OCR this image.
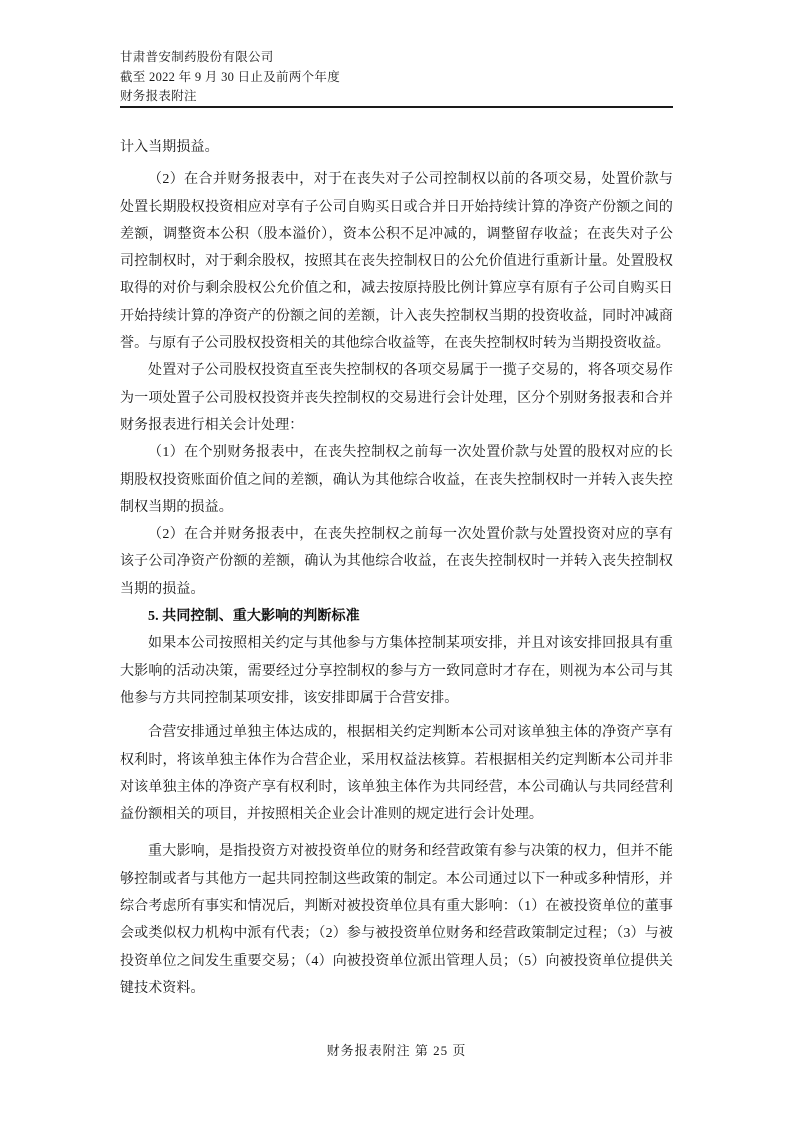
甘肃普安制药股份有限公司

截至 2022 年 9 月 30 日止及前两个年度

财务报表附注

计入当期损益。

（2）在合并财务报表中，对于在丧失对子公司控制权以前的各项交易，处置价款与处置长期股权投资相应对享有子公司自购买日或合并日开始持续计算的净资产份额之间的差额，调整资本公积（股本溢价），资本公积不足冲减的，调整留存收益；在丧失对子公司控制权时，对于剩余股权，按照其在丧失控制权日的公允价值进行重新计量。处置股权取得的对价与剩余股权公允价值之和，减去按原持股比例计算应享有原有子公司自购买日开始持续计算的净资产的份额之间的差额，计入丧失控制权当期的投资收益，同时冲减商誉。与原有子公司股权投资相关的其他综合收益等，在丧失控制权时转为当期投资收益。

处置对子公司股权投资直至丧失控制权的各项交易属于一揽子交易的，将各项交易作为一项处置子公司股权投资并丧失控制权的交易进行会计处理，区分个别财务报表和合并财务报表进行相关会计处理：

（1）在个别财务报表中，在丧失控制权之前每一次处置价款与处置的股权对应的长期股权投资账面价值之间的差额，确认为其他综合收益，在丧失控制权时一并转入丧失控制权当期的损益。

（2）在合并财务报表中，在丧失控制权之前每一次处置价款与处置投资对应的享有该子公司净资产份额的差额，确认为其他综合收益，在丧失控制权时一并转入丧失控制权当期的损益。

5. 共同控制、重大影响的判断标准

如果本公司按照相关约定与其他参与方集体控制某项安排，并且对该安排回报具有重大影响的活动决策，需要经过分享控制权的参与方一致同意时才存在，则视为本公司与其他参与方共同控制某项安排，该安排即属于合营安排。

合营安排通过单独主体达成的，根据相关约定判断本公司对该单独主体的净资产享有权利时，将该单独主体作为合营企业，采用权益法核算。若根据相关约定判断本公司并非对该单独主体的净资产享有权利时，该单独主体作为共同经营，本公司确认与共同经营利益份额相关的项目，并按照相关企业会计准则的规定进行会计处理。

重大影响，是指投资方对被投资单位的财务和经营政策有参与决策的权力，但并不能够控制或者与其他方一起共同控制这些政策的制定。本公司通过以下一种或多种情形，并综合考虑所有事实和情况后，判断对被投资单位具有重大影响：（1）在被投资单位的董事会或类似权力机构中派有代表；（2）参与被投资单位财务和经营政策制定过程；（3）与被投资单位之间发生重要交易；（4）向被投资单位派出管理人员；（5）向被投资单位提供关键技术资料。

财务报表附注 第 25 页
